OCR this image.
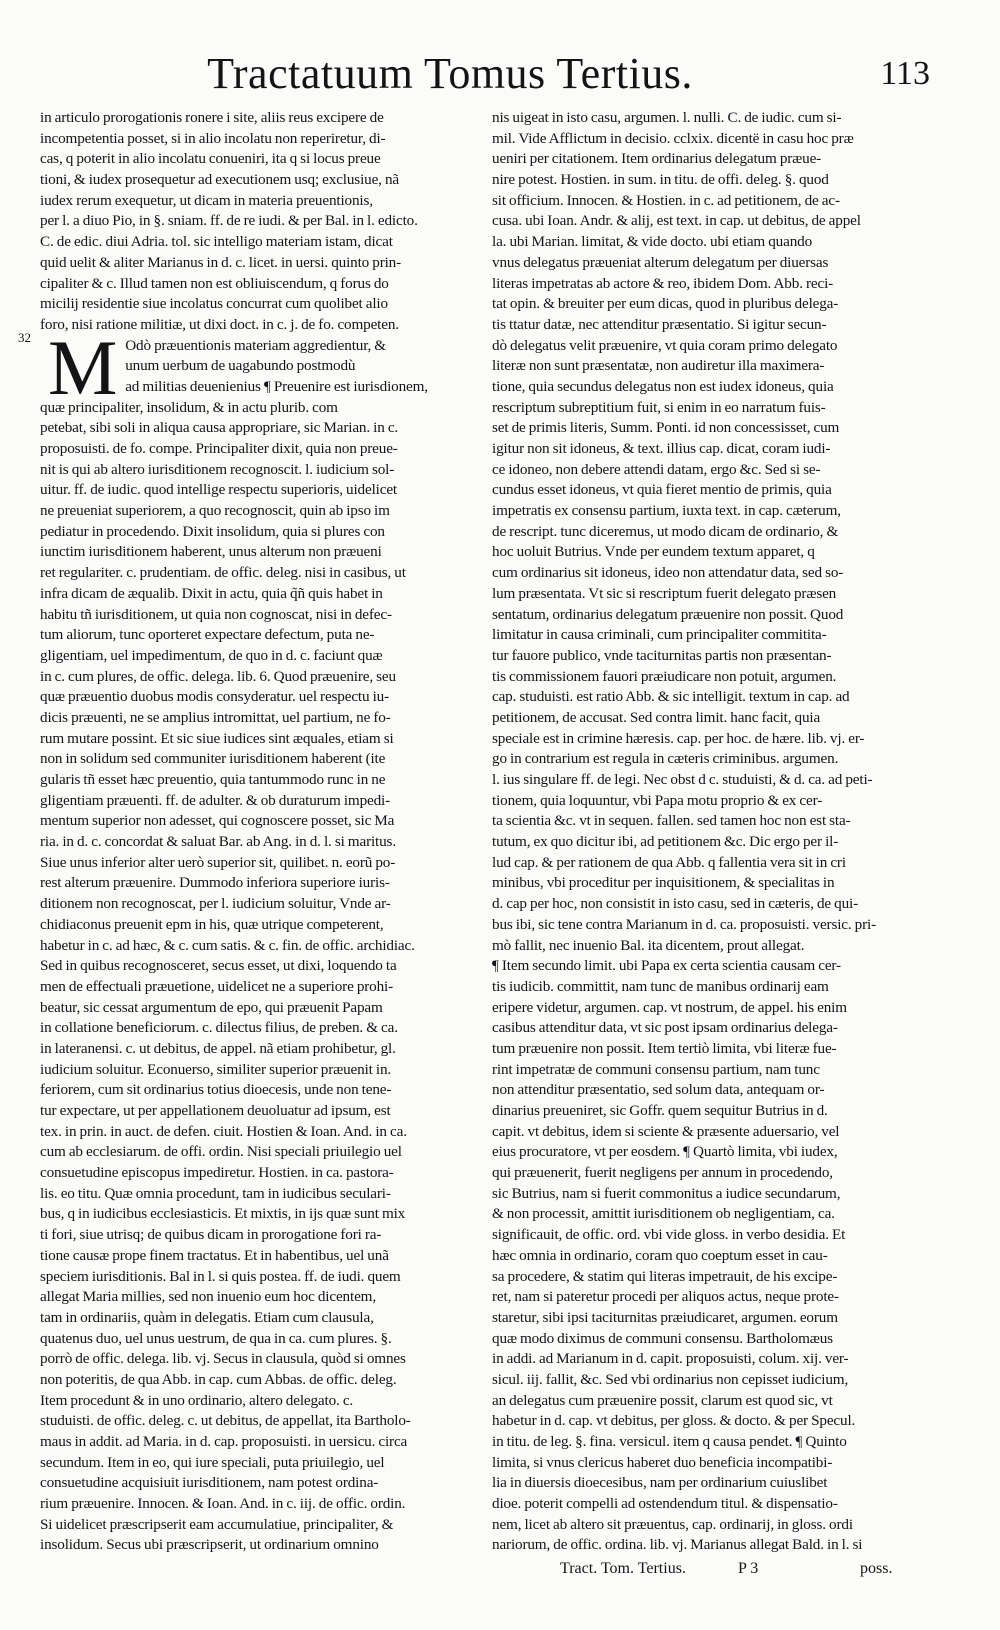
Tractatuum Tomus Tertius.	113
32
in articulo prorogationis ronere i site, aliis reus excipere de
incompetentia posset, si in alio incolatu non reperiretur, di-
cas, q poterit in alio incolatu conueniri, ita q si locus preue
tioni, & iudex prosequetur ad executionem usq; exclusiue, nã
iudex rerum exequetur, ut dicam in materia preuentionis,
per l. a diuo Pio, in §. sniam. ff. de re iudi. & per Bal. in l. edicto.
C. de edic. diui Adria. tol. sic intelligo materiam istam, dicat
quid uelit & aliter Marianus in d. c. licet. in uersi. quinto prin-
cipaliter & c. Illud tamen non est obliuiscendum, q forus do
micilij residentie siue incolatus concurrat cum quolibet alio
foro, nisi ratione militiæ, ut dixi doct. in c. j. de fo. competen.
M Odò præuentionis materiam aggredientur, &
unum uerbum de uagabundo postmodù
ad militias deuenienius ¶ Preuenire est iurisdionem,
quæ principaliter, insolidum, & in actu plurib. com
petebat, sibi soli in aliqua causa appropriare, sic Marian. in c.
proposuisti. de fo. compe. Principaliter dixit, quia non preue-
nit is qui ab altero iurisditionem recognoscit. l. iudicium sol-
uitur. ff. de iudic. quod intellige respectu superioris, uidelicet
ne preueniat superiorem, a quo recognoscit, quin ab ipso im
pediatur in procedendo. Dixit insolidum, quia si plures con
iunctim iurisditionem haberent, unus alterum non præueni
ret regulariter. c. prudentiam. de offic. deleg. nisi in casibus, ut
infra dicam de æqualib. Dixit in actu, quia q̃ñ quis habet in
habitu tñ iurisditionem, ut quia non cognoscat, nisi in defec-
tum aliorum, tunc oporteret expectare defectum, puta ne-
gligentiam, uel impedimentum, de quo in d. c. faciunt quæ
in c. cum plures, de offic. delega. lib. 6. Quod præuenire, seu
quæ præuentio duobus modis consyderatur. uel respectu iu-
dicis præuenti, ne se amplius intromittat, uel partium, ne fo-
rum mutare possint. Et sic siue iudices sint æquales, etiam si
non in solidum sed communiter iurisditionem haberent (ite
gularis tñ esset hæc preuentio, quia tantummodo runc in ne
gligentiam præuenti. ff. de adulter. & ob duraturum impedi-
mentum superior non adesset, qui cognoscere posset, sic Ma
ria. in d. c. concordat & saluat Bar. ab Ang. in d. l. si maritus.
Siue unus inferior alter uerò superior sit, quilibet. n. eorũ po-
rest alterum præuenire. Dummodo inferiora superiore iuris-
ditionem non recognoscat, per l. iudicium soluitur, Vnde ar-
chidiaconus preuenit epm in his, quæ utrique competerent,
habetur in c. ad hæc, & c. cum satis. & c. fin. de offic. archidiac.
Sed in quibus recognosceret, secus esset, ut dixi, loquendo ta
men de effectuali præuetione, uidelicet ne a superiore prohi-
beatur, sic cessat argumentum de epo, qui præuenit Papam
in collatione beneficiorum. c. dilectus filius, de preben. & ca.
in lateranensi. c. ut debitus, de appel. nã etiam prohibetur, gl.
iudicium soluitur. Econuerso, similiter superior præuenit in.
feriorem, cum sit ordinarius totius dioecesis, unde non tene-
tur expectare, ut per appellationem deuoluatur ad ipsum, est
tex. in prin. in auct. de defen. ciuit. Hostien & Ioan. And. in ca.
cum ab ecclesiarum. de offi. ordin. Nisi speciali priuilegio uel
consuetudine episcopus impediretur. Hostien. in ca. pastora-
lis. eo titu. Quæ omnia procedunt, tam in iudicibus seculari-
bus, q in iudicibus ecclesiasticis. Et mixtis, in ijs quæ sunt mix
ti fori, siue utrisq; de quibus dicam in prorogatione fori ra-
tione causæ prope finem tractatus. Et in habentibus, uel unã
speciem iurisditionis. Bal in l. si quis postea. ff. de iudi. quem
allegat Maria millies, sed non inuenio eum hoc dicentem,
tam in ordinariis, quàm in delegatis. Etiam cum clausula,
quatenus duo, uel unus uestrum, de qua in ca. cum plures. §.
porrò de offic. delega. lib. vj. Secus in clausula, quòd si omnes
non poteritis, de qua Abb. in cap. cum Abbas. de offic. deleg.
Item procedunt & in uno ordinario, altero delegato. c.
studuisti. de offic. deleg. c. ut debitus, de appellat, ita Bartholo-
maus in addit. ad Maria. in d. cap. proposuisti. in uersicu. circa
secundum. Item in eo, qui iure speciali, puta priuilegio, uel
consuetudine acquisiuit iurisditionem, nam potest ordina-
rium præuenire. Innocen. & Ioan. And. in c. iij. de offic. ordin.
Si uidelicet præscripserit eam accumulatiue, principaliter, &
insolidum. Secus ubi præscripserit, ut ordinarium omnino
nis uigeat in isto casu, argumen. l. nulli. C. de iudic. cum si-
mil. Vide Afflictum in decisio. cclxix. dicentë in casu hoc præ
ueniri per citationem. Item ordinarius delegatum præue-
nire potest. Hostien. in sum. in titu. de offi. deleg. §. quod
sit officium. Innocen. & Hostien. in c. ad petitionem, de ac-
cusa. ubi Ioan. Andr. & alij, est text. in cap. ut debitus, de appel
la. ubi Marian. limitat, & vide docto. ubi etiam quando
vnus delegatus præueniat alterum delegatum per diuersas
literas impetratas ab actore & reo, ibidem Dom. Abb. reci-
tat opin. & breuiter per eum dicas, quod in pluribus delega-
tis ttatur datæ, nec attenditur præsentatio. Si igitur secun-
dò delegatus velit præuenire, vt quia coram primo delegato
literæ non sunt præsentatæ, non audiretur illa maximera-
tione, quia secundus delegatus non est iudex idoneus, quia
rescriptum subreptitium fuit, si enim in eo narratum fuis-
set de primis literis, Summ. Ponti. id non concessisset, cum
igitur non sit idoneus, & text. illius cap. dicat, coram iudi-
ce idoneo, non debere attendi datam, ergo &c. Sed si se-
cundus esset idoneus, vt quia fieret mentio de primis, quia
impetratis ex consensu partium, iuxta text. in cap. cæterum,
de rescript. tunc diceremus, ut modo dicam de ordinario, &
hoc uoluit Butrius. Vnde per eundem textum apparet, q
cum ordinarius sit idoneus, ideo non attendatur data, sed so-
lum præsentata. Vt sic si rescriptum fuerit delegato præsen
sentatum, ordinarius delegatum præuenire non possit. Quod
limitatur in causa criminali, cum principaliter commitita-
tur fauore publico, vnde taciturnitas partis non præsentan-
tis commissionem fauori præiudicare non potuit, argumen.
cap. studuisti. est ratio Abb. & sic intelligit. textum in cap. ad
petitionem, de accusat. Sed contra limit. hanc facit, quia
speciale est in crimine hæresis. cap. per hoc. de hære. lib. vj. er-
go in contrarium est regula in cæteris criminibus. argumen.
l. ius singulare ff. de legi. Nec obst d c. studuisti, & d. ca. ad peti-
tionem, quia loquuntur, vbi Papa motu proprio & ex cer-
ta scientia &c. vt in sequen. fallen. sed tamen hoc non est sta-
tutum, ex quo dicitur ibi, ad petitionem &c. Dic ergo per il-
lud cap. & per rationem de qua Abb. q fallentia vera sit in cri
minibus, vbi proceditur per inquisitionem, & specialitas in
d. cap per hoc, non consistit in isto casu, sed in cæteris, de qui-
bus ibi, sic tene contra Marianum in d. ca. proposuisti. versic. pri-
mò fallit, nec inuenio Bal. ita dicentem, prout allegat.
¶ Item secundo limit. ubi Papa ex certa scientia causam cer-
tis iudicib. committit, nam tunc de manibus ordinarij eam
eripere videtur, argumen. cap. vt nostrum, de appel. his enim
casibus attenditur data, vt sic post ipsam ordinarius delega-
tum præuenire non possit. Item tertiò limita, vbi literæ fue-
rint impetratæ de communi consensu partium, nam tunc
non attenditur præsentatio, sed solum data, antequam or-
dinarius preueniret, sic Goffr. quem sequitur Butrius in d.
capit. vt debitus, idem si sciente & præsente aduersario, vel
eius procuratore, vt per eosdem. ¶ Quartò limita, vbi iudex,
qui præuenerit, fuerit negligens per annum in procedendo,
sic Butrius, nam si fuerit commonitus a iudice secundarum,
& non processit, amittit iurisditionem ob negligentiam, ca.
significauit, de offic. ord. vbi vide gloss. in verbo desidia. Et
hæc omnia in ordinario, coram quo coeptum esset in cau-
sa procedere, & statim qui literas impetrauit, de his excipe-
ret, nam si pateretur procedi per aliquos actus, neque prote-
staretur, sibi ipsi taciturnitas præiudicaret, argumen. eorum
quæ modo diximus de communi consensu. Bartholomæus
in addi. ad Marianum in d. capit. proposuisti, colum. xij. ver-
sicul. iij. fallit, &c. Sed vbi ordinarius non cepisset iudicium,
an delegatus cum præuenire possit, clarum est quod sic, vt
habetur in d. cap. vt debitus, per gloss. & docto. & per Specul.
in titu. de leg. §. fina. versicul. item q causa pendet. ¶ Quinto
limita, si vnus clericus haberet duo beneficia incompatibi-
lia in diuersis dioecesibus, nam per ordinarium cuiuslibet
dioe. poterit compelli ad ostendendum titul. & dispensatio-
nem, licet ab altero sit præuentus, cap. ordinarij, in gloss. ordi
nariorum, de offic. ordina. lib. vj. Marianus allegat Bald. in l. si
Tract. Tom. Tertius.	P 3	poss.
